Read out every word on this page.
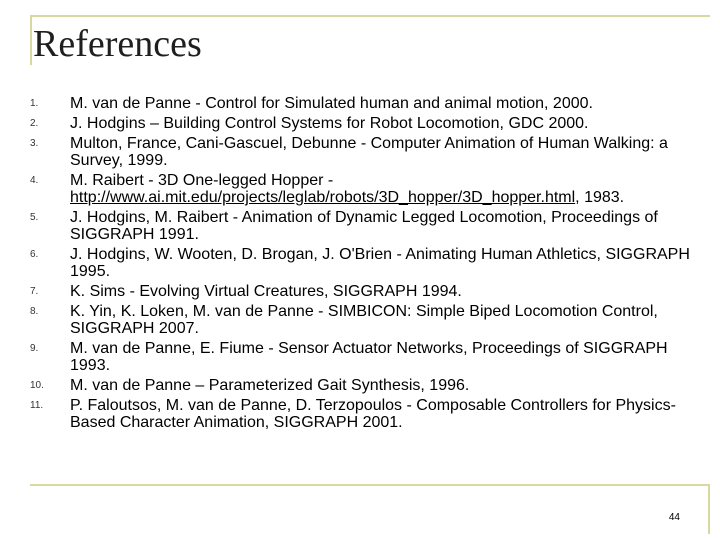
References
1.	M. van de Panne - Control for Simulated human and animal motion, 2000.
2.	J. Hodgins – Building Control Systems for Robot Locomotion, GDC 2000.
3.	Multon, France, Cani-Gascuel, Debunne - Computer Animation of Human Walking: a Survey, 1999.
4.	M. Raibert - 3D One-legged Hopper - http://www.ai.mit.edu/projects/leglab/robots/3D_hopper/3D_hopper.html, 1983.
5.	J. Hodgins, M. Raibert - Animation of Dynamic Legged Locomotion, Proceedings of SIGGRAPH 1991.
6.	J. Hodgins, W. Wooten, D. Brogan, J. O'Brien - Animating Human Athletics, SIGGRAPH 1995.
7.	K. Sims - Evolving Virtual Creatures, SIGGRAPH 1994.
8.	K. Yin, K. Loken, M. van de Panne - SIMBICON: Simple Biped Locomotion Control, SIGGRAPH 2007.
9.	M. van de Panne, E. Fiume - Sensor Actuator Networks, Proceedings of SIGGRAPH 1993.
10.	M. van de Panne – Parameterized Gait Synthesis, 1996.
11.	P. Faloutsos, M. van de Panne, D. Terzopoulos - Composable Controllers for Physics-Based Character Animation, SIGGRAPH 2001.
44
